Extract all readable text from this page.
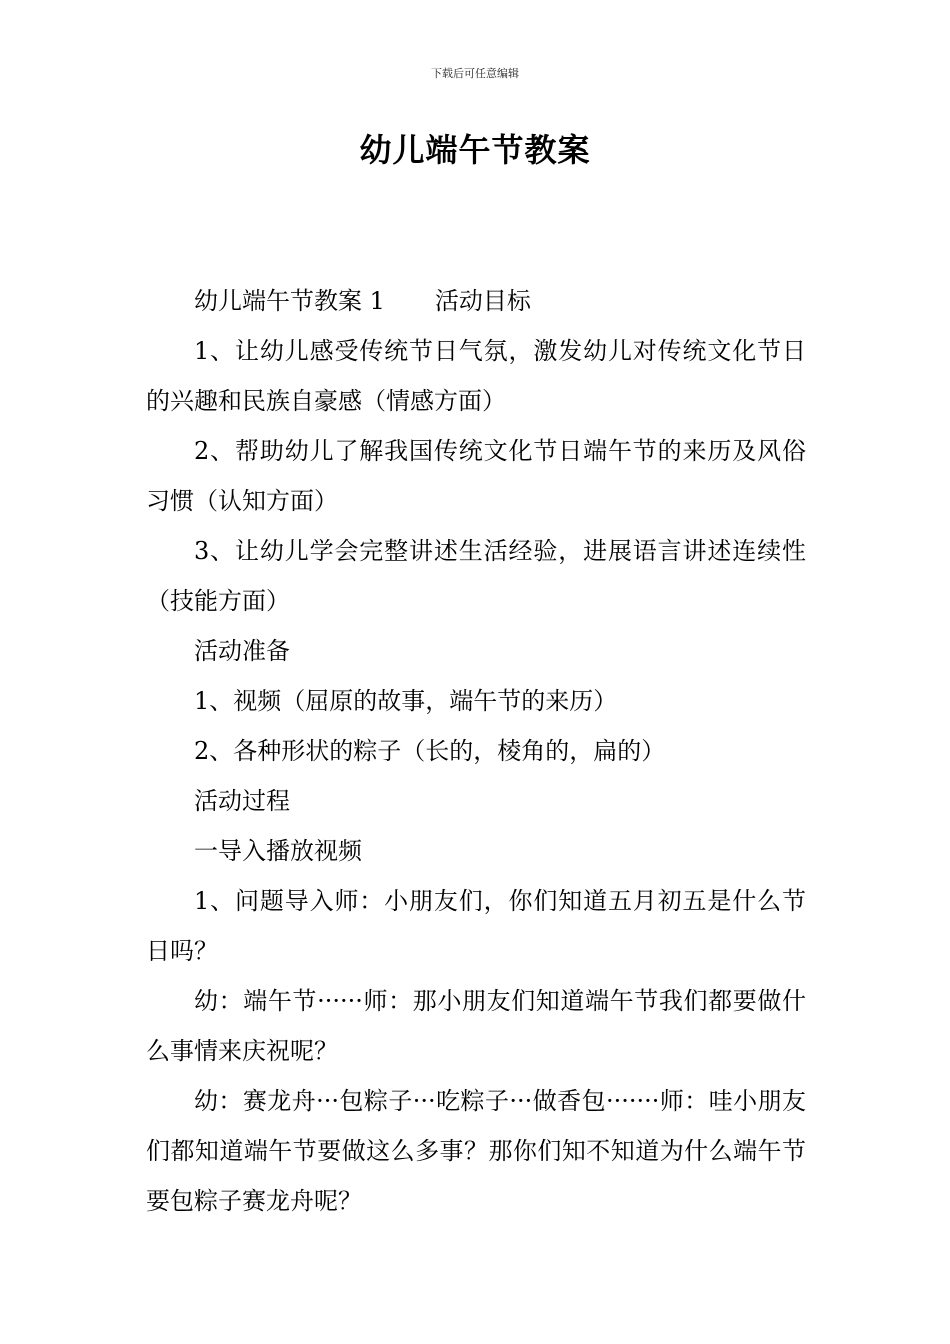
下载后可任意编辑
幼儿端午节教案

幼儿端午节教案 1 活动目标

1、让幼儿感受传统节日气氛，激发幼儿对传统文化节日的兴趣和民族自豪感（情感方面）

2、帮助幼儿了解我国传统文化节日端午节的来历及风俗习惯（认知方面）

3、让幼儿学会完整讲述生活经验，进展语言讲述连续性（技能方面）

活动准备

1、视频（屈原的故事，端午节的来历）

2、各种形状的粽子（长的，棱角的，扁的）

活动过程

一导入播放视频

1、问题导入师：小朋友们，你们知道五月初五是什么节日吗？

幼：端午节······师：那小朋友们知道端午节我们都要做什么事情来庆祝呢？

幼：赛龙舟···包粽子···吃粽子···做香包·······师：哇小朋友们都知道端午节要做这么多事？那你们知不知道为什么端午节要包粽子赛龙舟呢？
